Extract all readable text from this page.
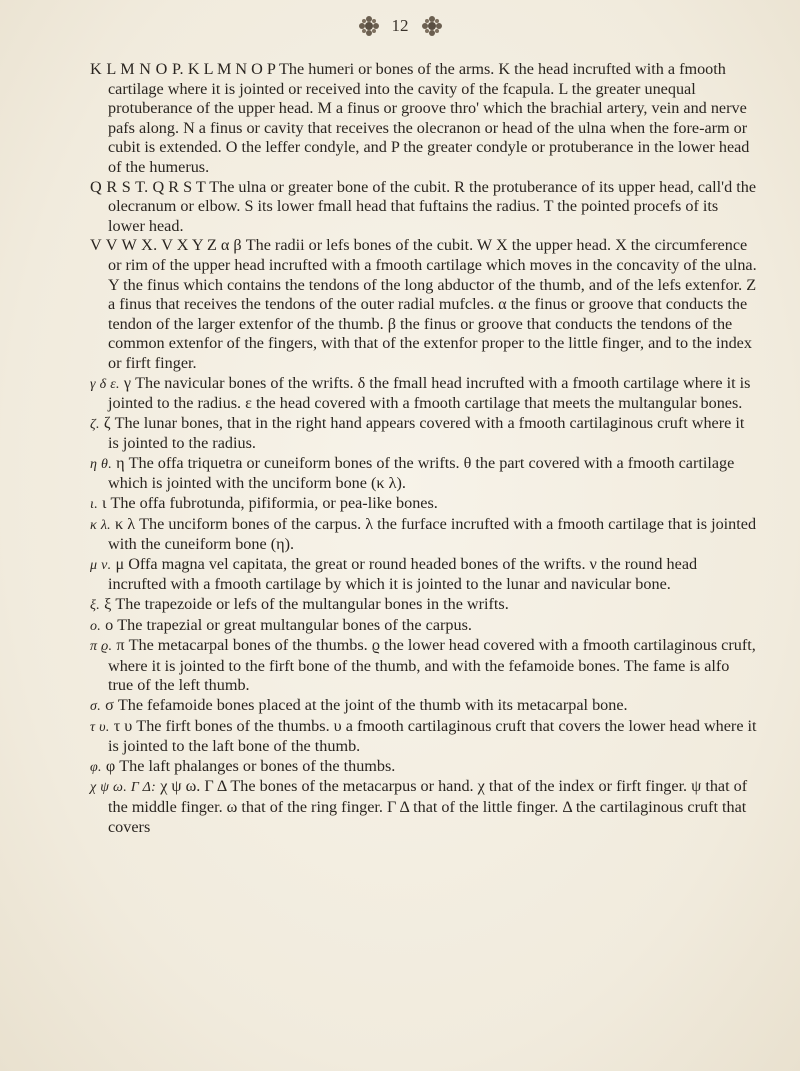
12

K L M N O P. K L M N O P The humeri or bones of the arms. K the head incrufted with a fmooth cartilage where it is jointed or received into the cavity of the fcapula. L the greater unequal protuberance of the upper head. M a finus or groove thro' which the brachial artery, vein and nerve pafs along. N a finus or cavity that receives the olecranon or head of the ulna when the fore-arm or cubit is extended. O the leffer condyle, and P the greater condyle or protuberance in the lower head of the humerus.

Q R S T. Q R S T The ulna or greater bone of the cubit. R the protuberance of its upper head, call'd the olecranum or elbow. S its lower fmall head that fuftains the radius. T the pointed procefs of its lower head.

V V W X. V X Y Z α β The radii or lefs bones of the cubit. W X the upper head. X the circumference or rim of the upper head incrufted with a fmooth cartilage which moves in the concavity of the ulna. Y the finus which contains the tendons of the long abductor of the thumb, and of the lefs extenfor. Z a finus that receives the tendons of the outer radial mufcles. α the finus or groove that conducts the tendon of the larger extenfor of the thumb. β the finus or groove that conducts the tendons of the common extenfor of the fingers, with that of the extenfor proper to the little finger, and to the index or firft finger.

γ δ ε. γ The navicular bones of the wrifts. δ the fmall head incrufted with a fmooth cartilage where it is jointed to the radius. ε the head covered with a fmooth cartilage that meets the multangular bones.

ζ. ζ The lunar bones, that in the right hand appears covered with a fmooth cartilaginous cruft where it is jointed to the radius.

η θ. η The offa triquetra or cuneiform bones of the wrifts. θ the part covered with a fmooth cartilage which is jointed with the unciform bone (κ λ).

ι. ι The offa fubrotunda, pififormia, or pea-like bones.

κ λ. κ λ The unciform bones of the carpus. λ the furface incrufted with a fmooth cartilage that is jointed with the cuneiform bone (η).

μ ν. μ Offa magna vel capitata, the great or round headed bones of the wrifts. ν the round head incrufted with a fmooth cartilage by which it is jointed to the lunar and navicular bone.

ξ. ξ The trapezoide or lefs of the multangular bones in the wrifts.

ο. ο The trapezial or great multangular bones of the carpus.

π ϱ. π The metacarpal bones of the thumbs. ϱ the lower head covered with a fmooth cartilaginous cruft, where it is jointed to the firft bone of the thumb, and with the fefamoide bones. The fame is alfo true of the left thumb.

σ. σ The fefamoide bones placed at the joint of the thumb with its metacarpal bone.

τ υ. τ υ The firft bones of the thumbs. υ a fmooth cartilaginous cruft that covers the lower head where it is jointed to the laft bone of the thumb.

φ. φ The laft phalanges or bones of the thumbs.

χ ψ ω. Γ Δ: χ ψ ω. Γ Δ The bones of the metacarpus or hand. χ that of the index or firft finger. ψ that of the middle finger. ω that of the ring finger. Γ Δ that of the little finger. Δ the cartilaginous cruft that covers
